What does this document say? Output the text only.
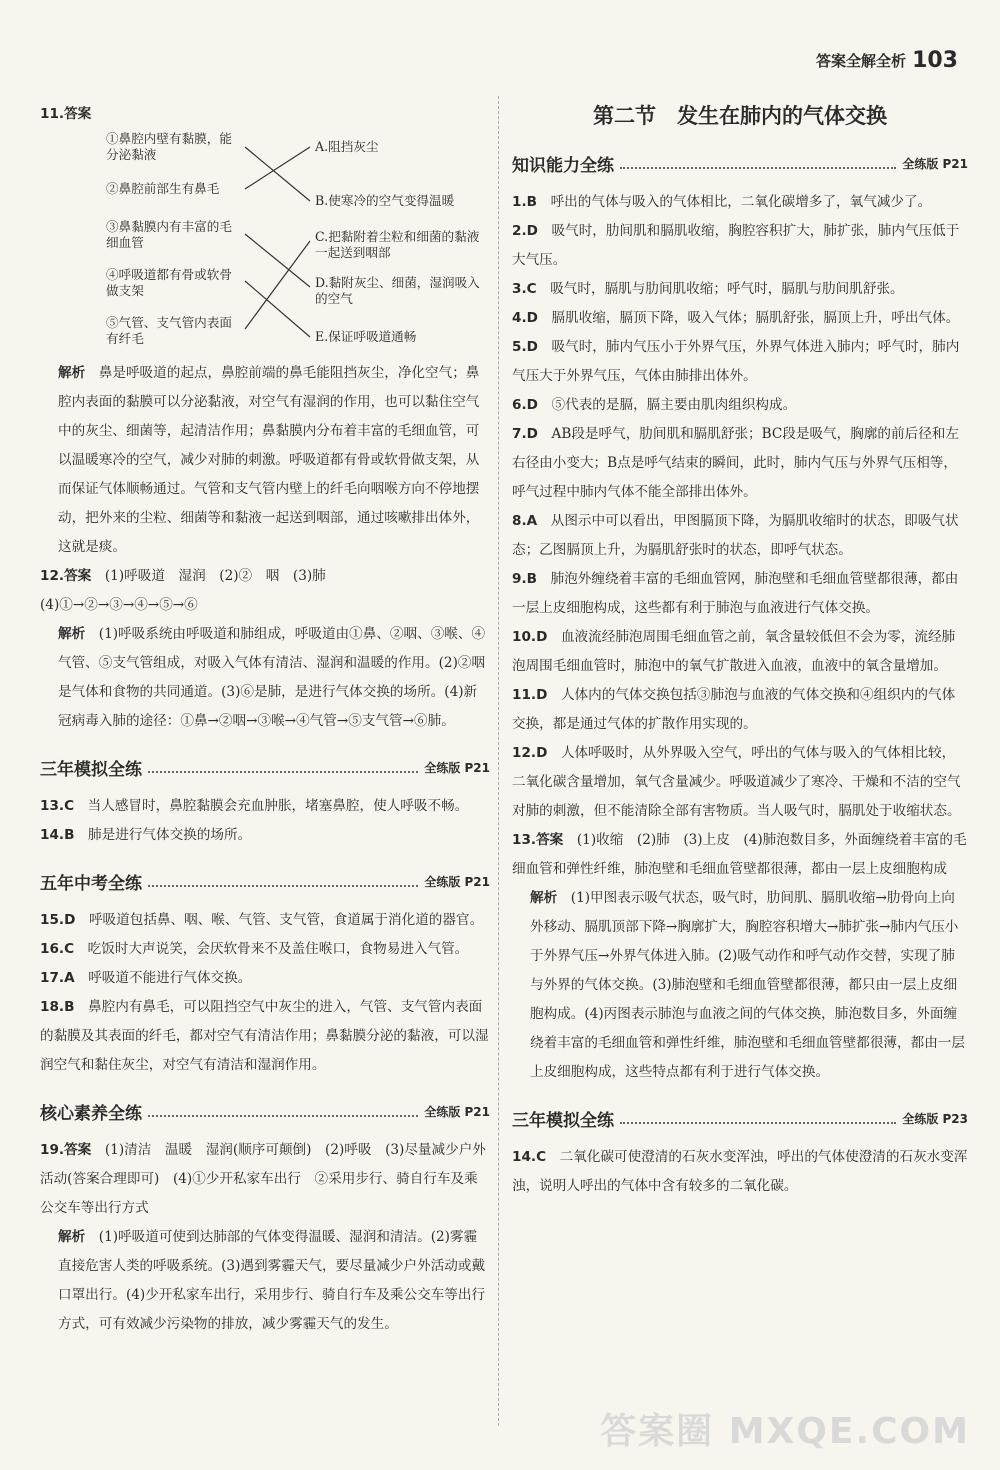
答案全解全析 103
11.答案
①鼻腔内壁有黏膜，能分泌黏液
②鼻腔前部生有鼻毛
③鼻黏膜内有丰富的毛细血管
④呼吸道都有骨或软骨做支架
⑤气管、支气管内表面有纤毛
A.阻挡灰尘
B.使寒冷的空气变得温暖
C.把黏附着尘粒和细菌的黏液一起送到咽部
D.黏附灰尘、细菌，湿润吸入的空气
E.保证呼吸道通畅
解析　 鼻是呼吸道的起点，鼻腔前端的鼻毛能阻挡灰尘，净化空气；鼻腔内表面的黏膜可以分泌黏液，对空气有湿润的作用，也可以黏住空气中的灰尘、细菌等，起清洁作用；鼻黏膜内分布着丰富的毛细血管，可以温暖寒冷的空气，减少对肺的刺激。呼吸道都有骨或软骨做支架，从而保证气体顺畅通过。气管和支气管内壁上的纤毛向咽喉方向不停地摆动，把外来的尘粒、细菌等和黏液一起送到咽部，通过咳嗽排出体外，这就是痰。
12.答案　 (1)呼吸道　湿润　(2)②　咽　(3)肺　(4)①→②→③→④→⑤→⑥
解析　 (1)呼吸系统由呼吸道和肺组成，呼吸道由①鼻、②咽、③喉、④气管、⑤支气管组成，对吸入气体有清洁、湿润和温暖的作用。(2)②咽是气体和食物的共同通道。(3)⑥是肺，是进行气体交换的场所。(4)新冠病毒入肺的途径：①鼻→②咽→③喉→④气管→⑤支气管→⑥肺。
三年模拟全练	全练版 P21
13.C　 当人感冒时，鼻腔黏膜会充血肿胀，堵塞鼻腔，使人呼吸不畅。
14.B　 肺是进行气体交换的场所。
五年中考全练	全练版 P21
15.D　 呼吸道包括鼻、咽、喉、气管、支气管，食道属于消化道的器官。
16.C　 吃饭时大声说笑，会厌软骨来不及盖住喉口，食物易进入气管。
17.A　 呼吸道不能进行气体交换。
18.B　 鼻腔内有鼻毛，可以阻挡空气中灰尘的进入，气管、支气管内表面的黏膜及其表面的纤毛，都对空气有清洁作用；鼻黏膜分泌的黏液，可以湿润空气和黏住灰尘，对空气有清洁和湿润作用。
核心素养全练	全练版 P21
19.答案　 (1)清洁　温暖　湿润(顺序可颠倒)　(2)呼吸　(3)尽量减少户外活动(答案合理即可)　(4)①少开私家车出行　②采用步行、骑自行车及乘公交车等出行方式
解析　 (1)呼吸道可使到达肺部的气体变得温暖、湿润和清洁。(2)雾霾直接危害人类的呼吸系统。(3)遇到雾霾天气，要尽量减少户外活动或戴口罩出行。(4)少开私家车出行，采用步行、骑自行车及乘公交车等出行方式，可有效减少污染物的排放，减少雾霾天气的发生。
第二节　发生在肺内的气体交换
知识能力全练	全练版 P21
1.B　 呼出的气体与吸入的气体相比，二氧化碳增多了，氧气减少了。
2.D　 吸气时，肋间肌和膈肌收缩，胸腔容积扩大，肺扩张，肺内气压低于大气压。
3.C　 吸气时，膈肌与肋间肌收缩；呼气时，膈肌与肋间肌舒张。
4.D　 膈肌收缩，膈顶下降，吸入气体；膈肌舒张，膈顶上升，呼出气体。
5.D　 吸气时，肺内气压小于外界气压，外界气体进入肺内；呼气时，肺内气压大于外界气压，气体由肺排出体外。
6.D　 ⑤代表的是膈，膈主要由肌肉组织构成。
7.D　 AB段是呼气，肋间肌和膈肌舒张；BC段是吸气，胸廓的前后径和左右径由小变大；B点是呼气结束的瞬间，此时，肺内气压与外界气压相等，呼气过程中肺内气体不能全部排出体外。
8.A　 从图示中可以看出，甲图膈顶下降，为膈肌收缩时的状态，即吸气状态；乙图膈顶上升，为膈肌舒张时的状态，即呼气状态。
9.B　 肺泡外缠绕着丰富的毛细血管网，肺泡壁和毛细血管壁都很薄，都由一层上皮细胞构成，这些都有利于肺泡与血液进行气体交换。
10.D　 血液流经肺泡周围毛细血管之前，氧含量较低但不会为零，流经肺泡周围毛细血管时，肺泡中的氧气扩散进入血液，血液中的氧含量增加。
11.D　 人体内的气体交换包括③肺泡与血液的气体交换和④组织内的气体交换，都是通过气体的扩散作用实现的。
12.D　 人体呼吸时，从外界吸入空气，呼出的气体与吸入的气体相比较，二氧化碳含量增加，氧气含量减少。呼吸道减少了寒冷、干燥和不洁的空气对肺的刺激，但不能清除全部有害物质。当人吸气时，膈肌处于收缩状态。
13.答案　 (1)收缩　(2)肺　(3)上皮　(4)肺泡数目多，外面缠绕着丰富的毛细血管和弹性纤维，肺泡壁和毛细血管壁都很薄，都由一层上皮细胞构成
解析　 (1)甲图表示吸气状态，吸气时，肋间肌、膈肌收缩→肋骨向上向外移动、膈肌顶部下降→胸廓扩大，胸腔容积增大→肺扩张→肺内气压小于外界气压→外界气体进入肺。(2)吸气动作和呼气动作交替，实现了肺与外界的气体交换。(3)肺泡壁和毛细血管壁都很薄，都只由一层上皮细胞构成。(4)丙图表示肺泡与血液之间的气体交换，肺泡数目多，外面缠绕着丰富的毛细血管和弹性纤维，肺泡壁和毛细血管壁都很薄，都由一层上皮细胞构成，这些特点都有利于进行气体交换。
三年模拟全练	全练版 P23
14.C　 二氧化碳可使澄清的石灰水变浑浊，呼出的气体使澄清的石灰水变浑浊，说明人呼出的气体中含有较多的二氧化碳。
答案圈 MXQE.COM
